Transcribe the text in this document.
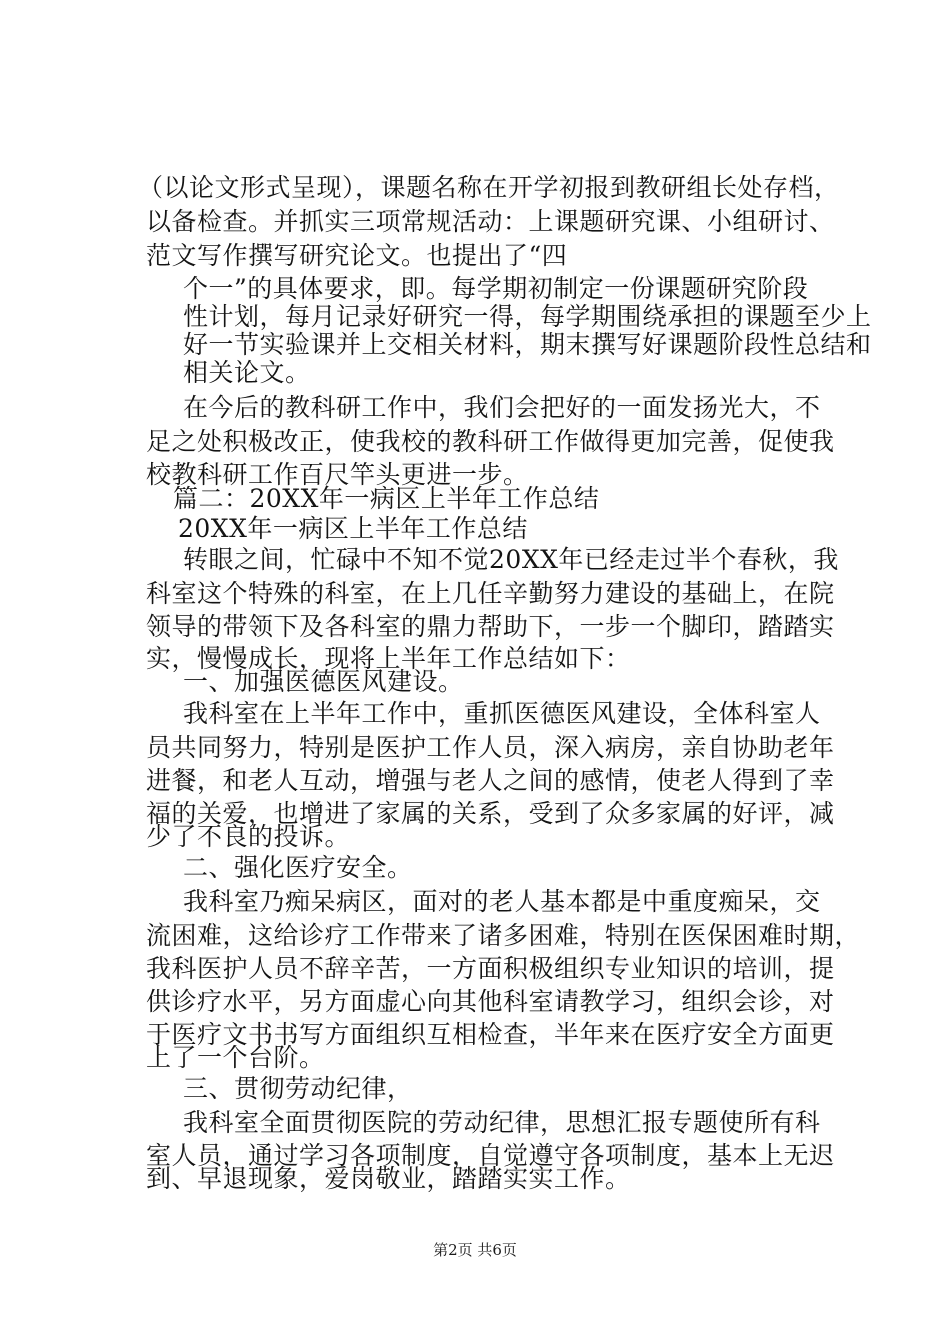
（以论文形式呈现），课题名称在开学初报到教研组长处存档，
以备检查。并抓实三项常规活动：上课题研究课、小组研讨、
范文写作撰写研究论文。也提出了“四
个一”的具体要求，即。每学期初制定一份课题研究阶段
性计划，每月记录好研究一得，每学期围绕承担的课题至少上
好一节实验课并上交相关材料，期末撰写好课题阶段性总结和
相关论文。
在今后的教科研工作中，我们会把好的一面发扬光大，不
足之处积极改正，使我校的教科研工作做得更加完善，促使我
校教科研工作百尺竿头更进一步。
篇二：20XX年一病区上半年工作总结
20XX年一病区上半年工作总结
转眼之间，忙碌中不知不觉20XX年已经走过半个春秋，我
科室这个特殊的科室，在上几任辛勤努力建设的基础上，在院
领导的带领下及各科室的鼎力帮助下，一步一个脚印，踏踏实
实，慢慢成长，现将上半年工作总结如下：
一、加强医德医风建设。
我科室在上半年工作中，重抓医德医风建设，全体科室人
员共同努力，特别是医护工作人员，深入病房，亲自协助老年
进餐，和老人互动，增强与老人之间的感情，使老人得到了幸
福的关爱，也增进了家属的关系，受到了众多家属的好评，减
少了不良的投诉。
二、强化医疗安全。
我科室乃痴呆病区，面对的老人基本都是中重度痴呆，交
流困难，这给诊疗工作带来了诸多困难，特别在医保困难时期，
我科医护人员不辞辛苦，一方面积极组织专业知识的培训，提
供诊疗水平，另方面虚心向其他科室请教学习，组织会诊，对
于医疗文书书写方面组织互相检查，半年来在医疗安全方面更
上了一个台阶。
三、贯彻劳动纪律，
我科室全面贯彻医院的劳动纪律，思想汇报专题使所有科
室人员，通过学习各项制度，自觉遵守各项制度，基本上无迟
到、早退现象，爱岗敬业，踏踏实实工作。
第2页 共6页
